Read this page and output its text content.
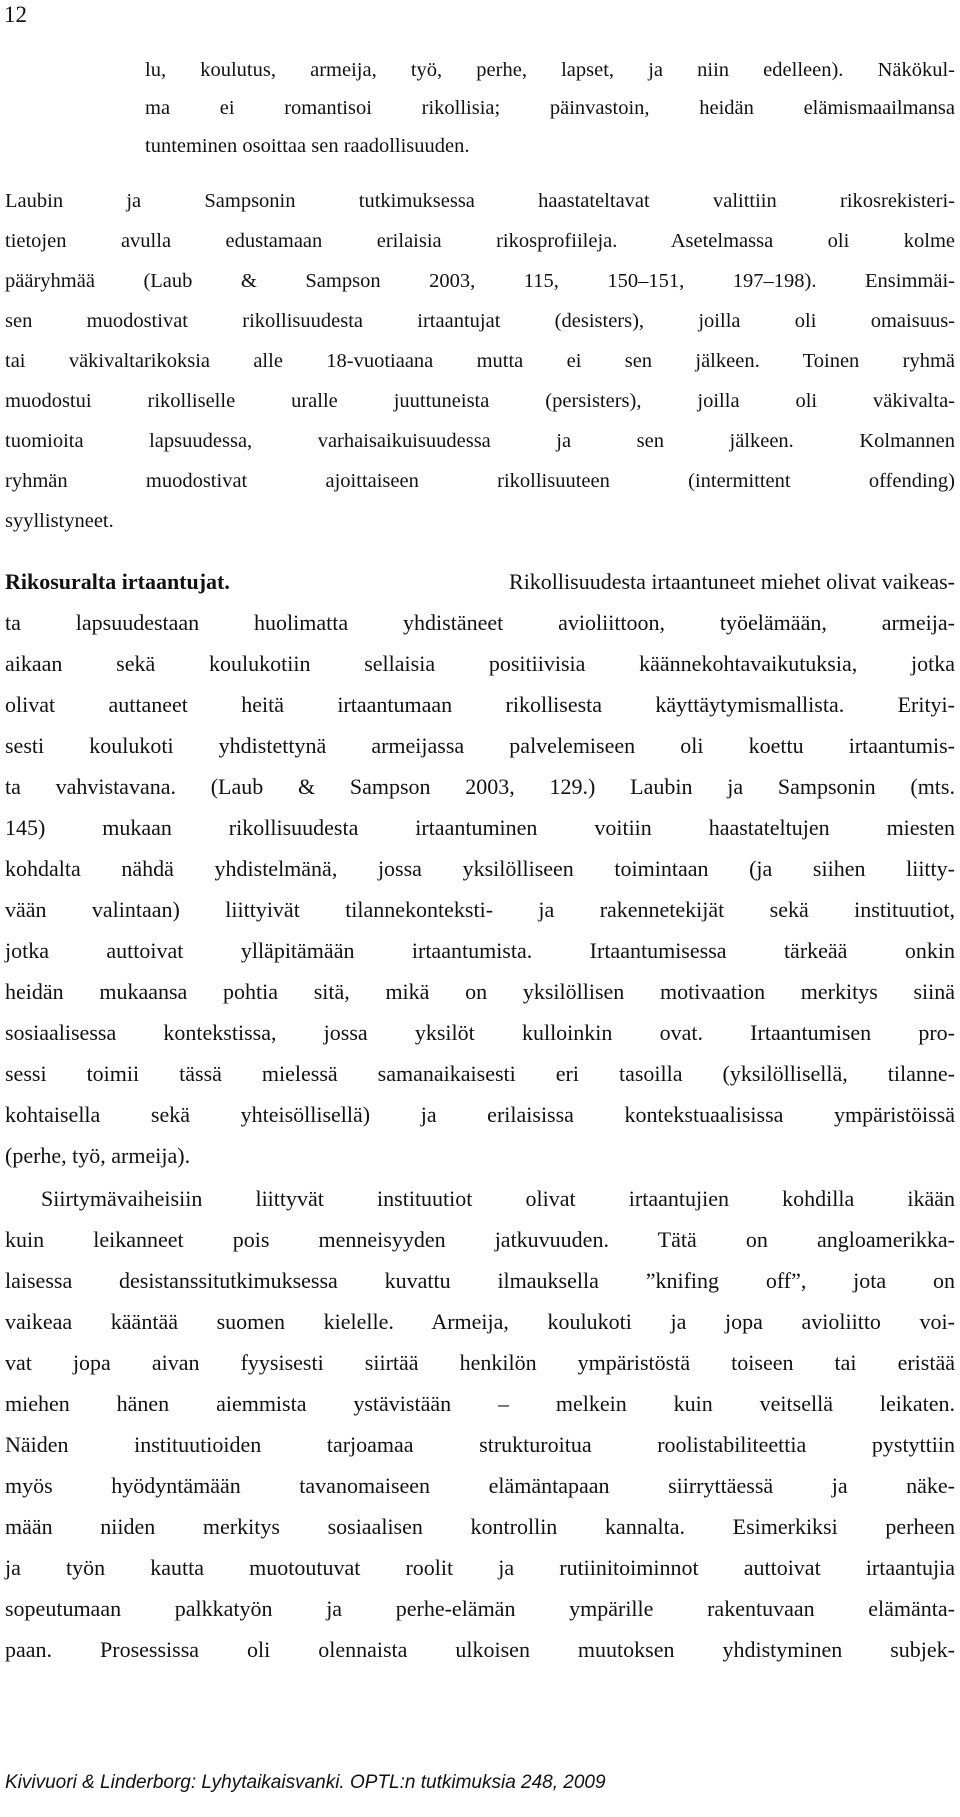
12
lu, koulutus, armeija, työ, perhe, lapset, ja niin edelleen). Näkökul-
ma ei romantisoi rikollisia; päinvastoin, heidän elämismaailmansa
tunteminen osoittaa sen raadollisuuden.
Laubin ja Sampsonin tutkimuksessa haastateltavat valittiin rikosrekisteri-
tietojen avulla edustamaan erilaisia rikosprofiileja. Asetelmassa oli kolme
pääryhmää (Laub & Sampson 2003, 115, 150–151, 197–198). Ensimmäi-
sen muodostivat rikollisuudesta irtaantujat (desisters), joilla oli omaisuus-
tai väkivaltarikoksia alle 18-vuotiaana mutta ei sen jälkeen. Toinen ryhmä
muodostui rikolliselle uralle juuttuneista (persisters), joilla oli väkivalta-
tuomioita lapsuudessa, varhaisaikuisuudessa ja sen jälkeen. Kolmannen
ryhmän muodostivat ajoittaiseen rikollisuuteen (intermittent offending)
syyllistyneet.
Rikosuralta irtaantujat.	Rikollisuudesta irtaantuneet miehet olivat vaikeas-
ta lapsuudestaan huolimatta yhdistäneet avioliittoon, työelämään, armeija-
aikaan sekä koulukotiin sellaisia positiivisia käännekohtavaikutuksia, jotka
olivat auttaneet heitä irtaantumaan rikollisesta käyttäytymismallista. Erityi-
sesti koulukoti yhdistettynä armeijassa palvelemiseen oli koettu irtaantumis-
ta vahvistavana. (Laub & Sampson 2003, 129.) Laubin ja Sampsonin (mts.
145) mukaan rikollisuudesta irtaantuminen voitiin haastateltujen miesten
kohdalta nähdä yhdistelmänä, jossa yksilölliseen toimintaan (ja siihen liitty-
vään valintaan) liittyivät tilannekonteksti- ja rakennetekijät sekä instituutiot,
jotka auttoivat ylläpitämään irtaantumista. Irtaantumisessa tärkeää onkin
heidän mukaansa pohtia sitä, mikä on yksilöllisen motivaation merkitys siinä
sosiaalisessa kontekstissa, jossa yksilöt kulloinkin ovat. Irtaantumisen pro-
sessi toimii tässä mielessä samanaikaisesti eri tasoilla (yksilöllisellä, tilanne-
kohtaisella sekä yhteisöllisellä) ja erilaisissa kontekstuaalisissa ympäristöissä
(perhe, työ, armeija).
Siirtymävaiheisiin liittyvät instituutiot olivat irtaantujien kohdilla ikään
kuin leikanneet pois menneisyyden jatkuvuuden. Tätä on angloamerikka-
laisessa desistanssitutkimuksessa kuvattu ilmauksella ”knifing off”, jota on
vaikeaa kääntää suomen kielelle. Armeija, koulukoti ja jopa avioliitto voi-
vat jopa aivan fyysisesti siirtää henkilön ympäristöstä toiseen tai eristää
miehen hänen aiemmista ystävistään – melkein kuin veitsellä leikaten.
Näiden instituutioiden tarjoamaa strukturoitua roolistabiliteettia pystyttiin
myös hyödyntämään tavanomaiseen elämäntapaan siirryttäessä ja näke-
mään niiden merkitys sosiaalisen kontrollin kannalta. Esimerkiksi perheen
ja työn kautta muotoutuvat roolit ja rutiinitoiminnot auttoivat irtaantujia
sopeutumaan palkkatyön ja perhe-elämän ympärille rakentuvaan elämänta-
paan. Prosessissa oli olennaista ulkoisen muutoksen yhdistyminen subjek-
Kivivuori & Linderborg: Lyhytaikaisvanki. OPTL:n tutkimuksia 248, 2009
